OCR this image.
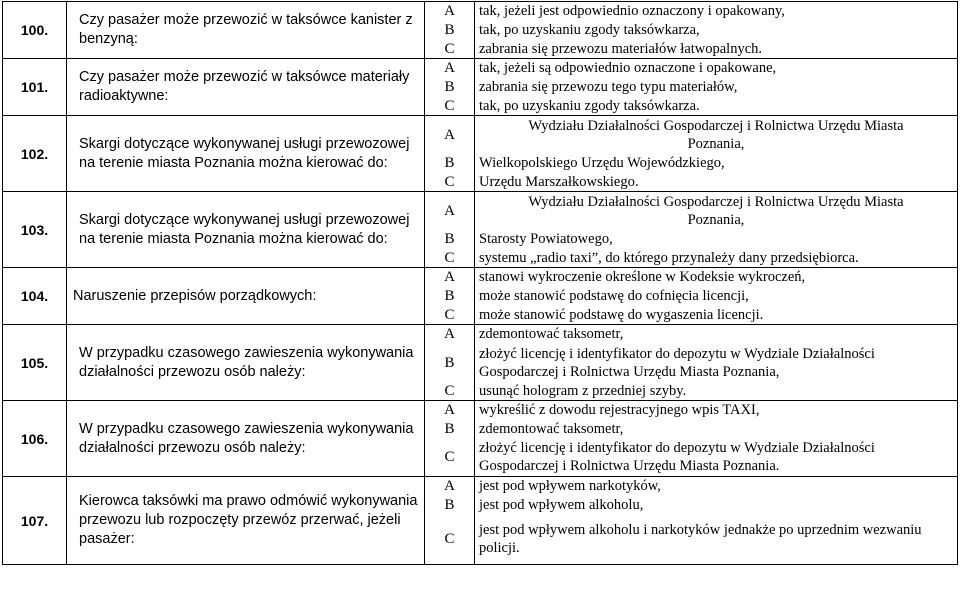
100.	Czy pasażer może przewozić w taksówce kanister z benzyną:	A	tak, jeżeli jest odpowiednio oznaczony i opakowany,
		B	tak, po uzyskaniu zgody taksówkarza,
		C	zabrania się przewozu materiałów łatwopalnych.
101.	Czy pasażer może przewozić w taksówce materiały radioaktywne:	A	tak, jeżeli są odpowiednio oznaczone i opakowane,
		B	zabrania się przewozu tego typu materiałów,
		C	tak, po uzyskaniu zgody taksówkarza.
102.	Skargi dotyczące wykonywanej usługi przewozowej na terenie miasta Poznania można kierować do:	A	Wydziału Działalności Gospodarczej i Rolnictwa Urzędu Miasta
Poznania,
		B	Wielkopolskiego Urzędu Wojewódzkiego,
		C	Urzędu Marszałkowskiego.
103.	Skargi dotyczące wykonywanej usługi przewozowej na terenie miasta Poznania można kierować do:	A	Wydziału Działalności Gospodarczej i Rolnictwa Urzędu Miasta
Poznania,
		B	Starosty Powiatowego,
		C	systemu „radio taxi”, do którego przynależy dany przedsiębiorca.
104.	Naruszenie przepisów porządkowych:	A	stanowi wykroczenie określone w Kodeksie wykroczeń,
		B	może stanowić podstawę do cofnięcia licencji,
		C	może stanowić podstawę do wygaszenia licencji.
105.	W przypadku czasowego zawieszenia wykonywania działalności przewozu osób należy:	A	zdemontować taksometr,
		B	złożyć licencję i identyfikator do depozytu w Wydziale Działalności Gospodarczej i Rolnictwa Urzędu Miasta Poznania,
		C	usunąć hologram z przedniej szyby.
106.	W przypadku czasowego zawieszenia wykonywania działalności przewozu osób należy:	A	wykreślić z dowodu rejestracyjnego wpis TAXI,
		B	zdemontować taksometr,
		C	złożyć licencję i identyfikator do depozytu w Wydziale Działalności Gospodarczej i Rolnictwa Urzędu Miasta Poznania.
107.	Kierowca taksówki ma prawo odmówić wykonywania przewozu lub rozpoczęty przewóz przerwać, jeżeli pasażer:	A	jest pod wpływem narkotyków,
		B	jest pod wpływem alkoholu,
		C	jest pod wpływem alkoholu i narkotyków jednakże po uprzednim wezwaniu policji.
